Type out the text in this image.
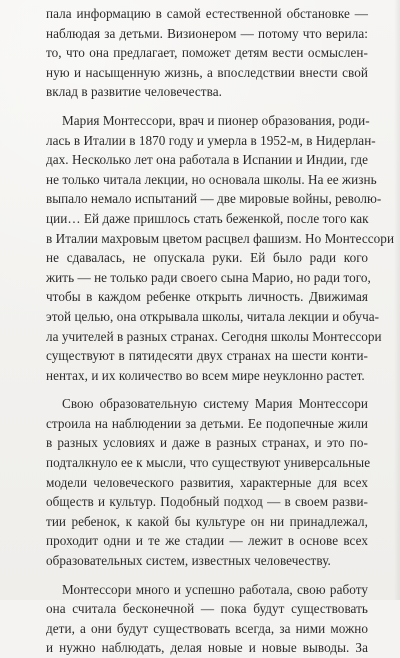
пала информацию в самой естественной обстановке —
наблюдая за детьми. Визионером — потому что верила:
то, что она предлагает, поможет детям вести осмыслен-
ную и насыщенную жизнь, а впоследствии внести свой
вклад в развитие человечества.
Мария Монтессори, врач и пионер образования, роди-
лась в Италии в 1870 году и умерла в 1952-м, в Нидерлан-
дах. Несколько лет она работала в Испании и Индии, где
не только читала лекции, но основала школы. На ее жизнь
выпало немало испытаний — две мировые войны, револю-
ции… Ей даже пришлось стать беженкой, после того как
в Италии махровым цветом расцвел фашизм. Но Монтессори
не сдавалась, не опускала руки. Ей было ради кого
жить — не только ради своего сына Марио, но ради того,
чтобы в каждом ребенке открыть личность. Движимая
этой целью, она открывала школы, читала лекции и обуча-
ла учителей в разных странах. Сегодня школы Монтессори
существуют в пятидесяти двух странах на шести конти-
нентах, и их количество во всем мире неуклонно растет.
Свою образовательную систему Мария Монтессори
строила на наблюдении за детьми. Ее подопечные жили
в разных условиях и даже в разных странах, и это по-
подталкнуло ее к мысли, что существуют универсальные
модели человеческого развития, характерные для всех
обществ и культур. Подобный подход — в своем разви-
тии ребенок, к какой бы культуре он ни принадлежал,
проходит одни и те же стадии — лежит в основе всех
образовательных систем, известных человечеству.
Монтессори много и успешно работала, свою работу
она считала бесконечной — пока будут существовать
дети, а они будут существовать всегда, за ними можно
и нужно наблюдать, делая новые и новые выводы. За
